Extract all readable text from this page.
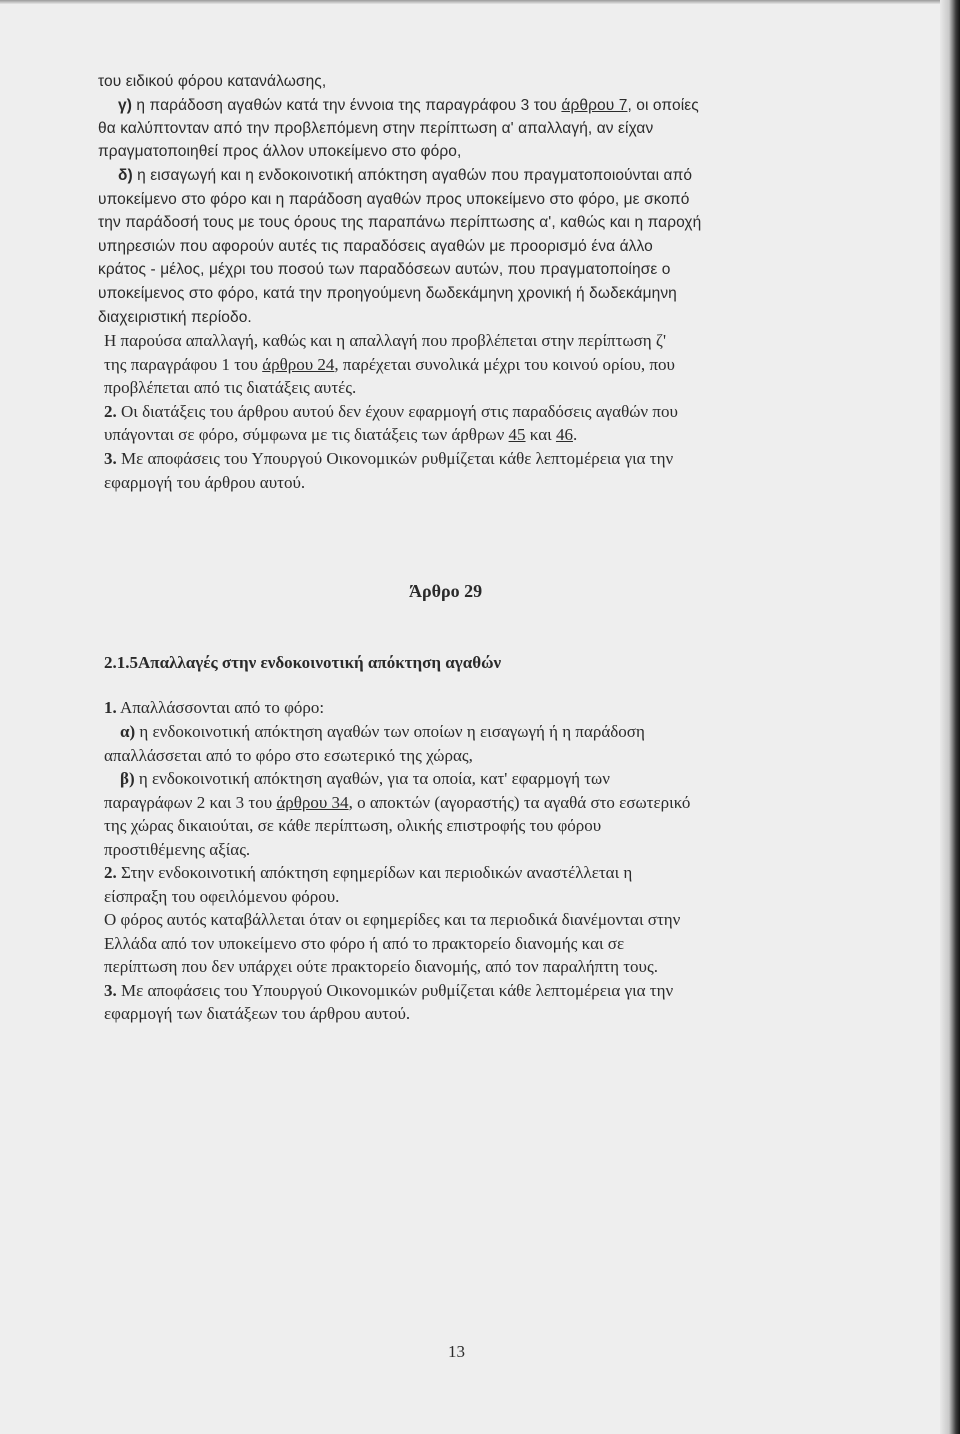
του ειδικού φόρου κατανάλωσης,
γ) η παράδοση αγαθών κατά την έννοια της παραγράφου 3 του άρθρου 7, οι οποίες
θα καλύπτονταν από την προβλεπόμενη στην περίπτωση α' απαλλαγή, αν είχαν
πραγματοποιηθεί προς άλλον υποκείμενο στο φόρο,
δ) η εισαγωγή και η ενδοκοινοτική απόκτηση αγαθών που πραγματοποιούνται από
υποκείμενο στο φόρο και η παράδοση αγαθών προς υποκείμενο στο φόρο, με σκοπό
την παράδοσή τους με τους όρους της παραπάνω περίπτωσης α', καθώς και η παροχή
υπηρεσιών που αφορούν αυτές τις παραδόσεις αγαθών με προορισμό ένα άλλο
κράτος - μέλος, μέχρι του ποσού των παραδόσεων αυτών, που πραγματοποίησε ο
υποκείμενος στο φόρο, κατά την προηγούμενη δωδεκάμηνη χρονική ή δωδεκάμηνη
διαχειριστική περίοδο.
Η παρούσα απαλλαγή, καθώς και η απαλλαγή που προβλέπεται στην περίπτωση ζ'
της παραγράφου 1 του άρθρου 24, παρέχεται συνολικά μέχρι του κοινού ορίου, που
προβλέπεται από τις διατάξεις αυτές.
2. Οι διατάξεις του άρθρου αυτού δεν έχουν εφαρμογή στις παραδόσεις αγαθών που
υπάγονται σε φόρο, σύμφωνα με τις διατάξεις των άρθρων 45 και 46.
3. Με αποφάσεις του Υπουργού Οικονομικών ρυθμίζεται κάθε λεπτομέρεια για την
εφαρμογή του άρθρου αυτού.
Άρθρο 29
2.1.5Απαλλαγές στην ενδοκοινοτική απόκτηση αγαθών
1. Απαλλάσσονται από το φόρο:
α) η ενδοκοινοτική απόκτηση αγαθών των οποίων η εισαγωγή ή η παράδοση
απαλλάσσεται από το φόρο στο εσωτερικό της χώρας,
β) η ενδοκοινοτική απόκτηση αγαθών, για τα οποία, κατ' εφαρμογή των
παραγράφων 2 και 3 του άρθρου 34, ο αποκτών (αγοραστής) τα αγαθά στο εσωτερικό
της χώρας δικαιούται, σε κάθε περίπτωση, ολικής επιστροφής του φόρου
προστιθέμενης αξίας.
2. Στην ενδοκοινοτική απόκτηση εφημερίδων και περιοδικών αναστέλλεται η
είσπραξη του οφειλόμενου φόρου.
Ο φόρος αυτός καταβάλλεται όταν οι εφημερίδες και τα περιοδικά διανέμονται στην
Ελλάδα από τον υποκείμενο στο φόρο ή από το πρακτορείο διανομής και σε
περίπτωση που δεν υπάρχει ούτε πρακτορείο διανομής, από τον παραλήπτη τους.
3. Με αποφάσεις του Υπουργού Οικονομικών ρυθμίζεται κάθε λεπτομέρεια για την
εφαρμογή των διατάξεων του άρθρου αυτού.
13
